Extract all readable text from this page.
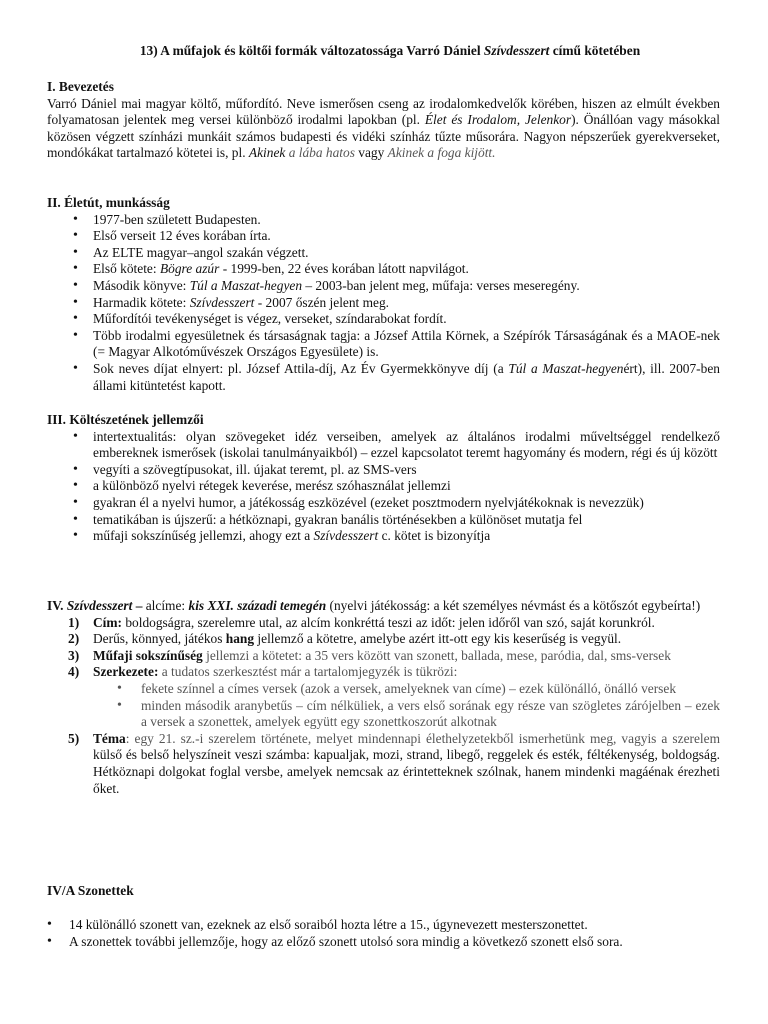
13) A műfajok és költői formák változatossága Varró Dániel Szívdesszert című kötetében

I. Bevezetés

Varró Dániel mai magyar költő, műfordító. Neve ismerősen cseng az irodalomkedvelők körében, hiszen az elmúlt években folyamatosan jelentek meg versei különböző irodalmi lapokban (pl. Élet és Irodalom, Jelenkor). Önállóan vagy másokkal közösen végzett színházi munkáit számos budapesti és vidéki színház tűzte műsorára. Nagyon népszerűek gyerekverseket, mondókákat tartalmazó kötetei is, pl. Akinek a lába hatos vagy Akinek a foga kijött.

II. Életút, munkásság

• 1977-ben született Budapesten.
• Első verseit 12 éves korában írta.
• Az ELTE magyar–angol szakán végzett.
• Első kötete: Bögre azúr - 1999-ben, 22 éves korában látott napvilágot.
• Második könyve: Túl a Maszat-hegyen – 2003-ban jelent meg, műfaja: verses meseregény.
• Harmadik kötete: Szívdesszert - 2007 őszén jelent meg.
• Műfordítói tevékenységet is végez, verseket, színdarabokat fordít.
• Több irodalmi egyesületnek és társaságnak tagja: a József Attila Körnek, a Szépírók Társaságának és a MAOE-nek (= Magyar Alkotóművészek Országos Egyesülete) is.
• Sok neves díjat elnyert: pl. József Attila-díj, Az Év Gyermekkönyve díj (a Túl a Maszat-hegyenért), ill. 2007-ben állami kitüntetést kapott.

III. Költészetének jellemzői

• intertextualitás: olyan szövegeket idéz verseiben, amelyek az általános irodalmi műveltséggel rendelkező embereknek ismerősek (iskolai tanulmányaikból) – ezzel kapcsolatot teremt hagyomány és modern, régi és új között
• vegyíti a szövegtípusokat, ill. újakat teremt, pl. az SMS-vers
• a különböző nyelvi rétegek keverése, merész szóhasználat jellemzi
• gyakran él a nyelvi humor, a játékosság eszközével (ezeket posztmodern nyelvjátékoknak is nevezzük)
• tematikában is újszerű: a hétköznapi, gyakran banális történésekben a különöset mutatja fel
• műfaji sokszínűség jellemzi, ahogy ezt a Szívdesszert c. kötet is bizonyítja

IV. Szívdesszert – alcíme: kis XXI. századi temegén (nyelvi játékosság: a két személyes névmást és a kötőszót egybeírta!)

1) Cím: boldogságra, szerelemre utal, az alcím konkréttá teszi az időt: jelen időről van szó, saját korunkról.
2) Derűs, könnyed, játékos hang jellemző a kötetre, amelybe azért itt-ott egy kis keserűség is vegyül.
3) Műfaji sokszínűség jellemzi a kötetet: a 35 vers között van szonett, ballada, mese, paródia, dal, sms-versek
4) Szerkezete: a tudatos szerkesztést már a tartalomjegyzék is tükrözi:
• fekete színnel a címes versek (azok a versek, amelyeknek van címe) – ezek különálló, önálló versek
• minden második aranybetűs – cím nélküliek, a vers első sorának egy része van szögletes zárójelben – ezek a versek a szonettek, amelyek együtt egy szonettkoszorút alkotnak
5) Téma: egy 21. sz.-i szerelem története, melyet mindennapi élethelyzetekből ismerhetünk meg, vagyis a szerelem külső és belső helyszíneit veszi számba: kapualjak, mozi, strand, libegő, reggelek és esték, féltékenység, boldogság. Hétköznapi dolgokat foglal versbe, amelyek nemcsak az érintetteknek szólnak, hanem mindenki magáénak érezheti őket.

IV/A Szonettek

• 14 különálló szonett van, ezeknek az első soraiból hozta létre a 15., úgynevezett mesterszonettet.
• A szonettek további jellemzője, hogy az előző szonett utolsó sora mindig a következő szonett első sora.
